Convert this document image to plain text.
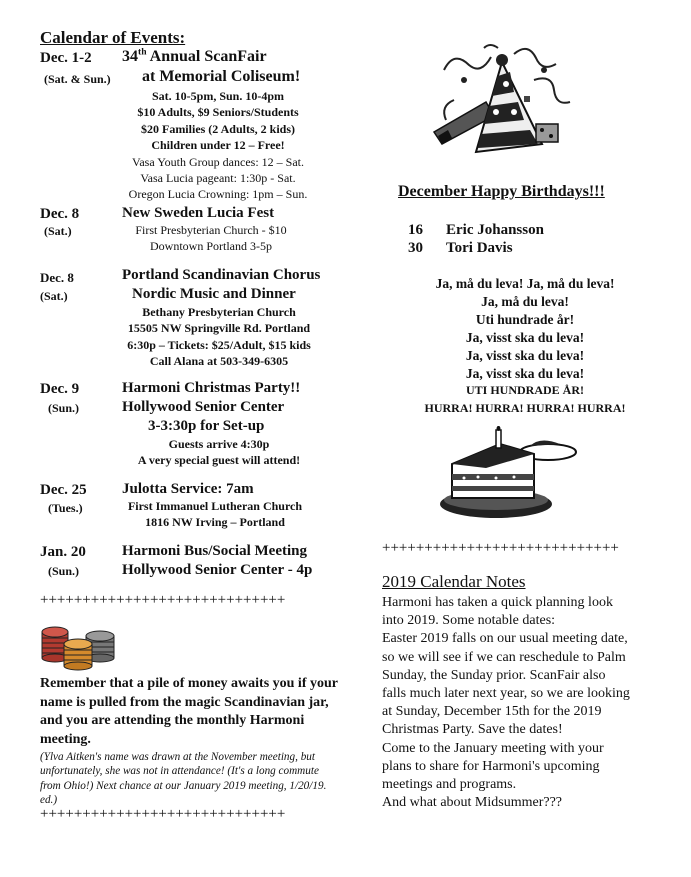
Calendar of Events:
Dec. 1-2
(Sat. & Sun.)
34th Annual ScanFair
at Memorial Coliseum!
Sat. 10-5pm, Sun. 10-4pm
$10 Adults, $9 Seniors/Students
$20 Families (2 Adults, 2 kids)
Children under 12 – Free!
Vasa Youth Group dances: 12 – Sat.
Vasa Lucia pageant: 1:30p - Sat.
Oregon Lucia Crowning: 1pm – Sun.
Dec. 8
(Sat.)
New Sweden Lucia Fest
First Presbyterian Church - $10
Downtown Portland 3-5p
Dec. 8
(Sat.)
Portland Scandinavian Chorus
Nordic Music and Dinner
Bethany Presbyterian Church
15505 NW Springville Rd. Portland
6:30p – Tickets: $25/Adult, $15 kids
Call Alana at 503-349-6305
Dec. 9
(Sun.)
Harmoni Christmas Party!!
Hollywood Senior Center
3-3:30p for Set-up
Guests arrive 4:30p
A very special guest will attend!
Dec. 25
(Tues.)
Julotta Service: 7am
First Immanuel Lutheran Church
1816 NW Irving – Portland
Jan. 20
(Sun.)
Harmoni Bus/Social Meeting
Hollywood Senior Center - 4p
+++++++++++++++++++++++++++++
Remember that a pile of money awaits you if your name is pulled from the magic Scandinavian jar, and you are attending the monthly Harmoni meeting.
(Ylva Aitken's name was drawn at the November meeting, but unfortunately, she was not in attendance! (It's a long commute from Ohio!) Next chance at our January 2019 meeting, 1/20/19. ed.)
+++++++++++++++++++++++++++++
December Happy Birthdays!!!
16 Eric Johansson
30 Tori Davis
Ja, må du leva! Ja, må du leva!
Ja, må du leva!
Uti hundrade år!
Ja, visst ska du leva!
Ja, visst ska du leva!
Ja, visst ska du leva!
UTI HUNDRADE ÅR!
HURRA! HURRA! HURRA! HURRA!
++++++++++++++++++++++++++++
2019 Calendar Notes
Harmoni has taken a quick planning look
into 2019. Some notable dates:
Easter 2019 falls on our usual meeting date,
so we will see if we can reschedule to Palm
Sunday, the Sunday prior. ScanFair also
falls much later next year, so we are looking
at Sunday, December 15th for the 2019
Christmas Party. Save the dates!
Come to the January meeting with your
plans to share for Harmoni's upcoming
meetings and programs.
And what about Midsummer???
